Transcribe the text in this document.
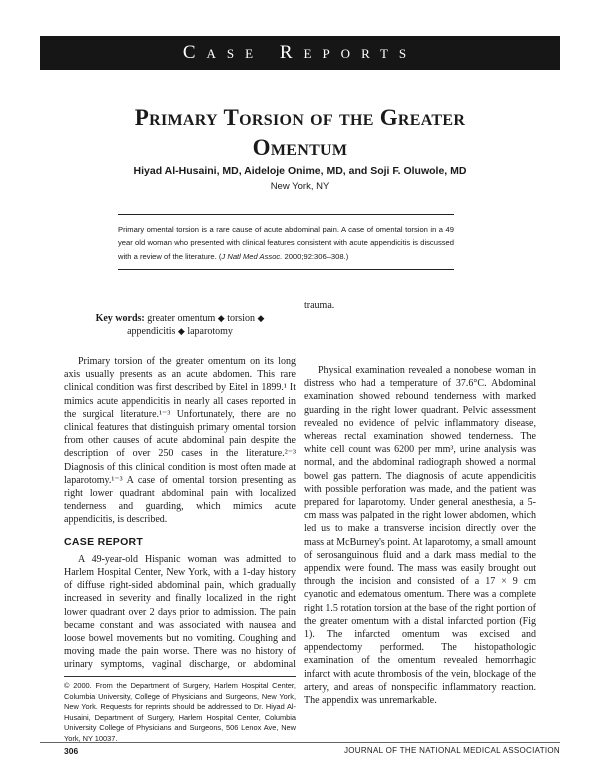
Case Reports
Primary Torsion of the Greater
Omentum
Hiyad Al-Husaini, MD, Aideloje Onime, MD, and Soji F. Oluwole, MD
New York, NY
Primary omental torsion is a rare cause of acute abdominal pain. A case of omental torsion in a 49 year old woman who presented with clinical features consistent with acute appendicitis is discussed with a review of the literature. (J Natl Med Assoc. 2000;92:306–308.)
Key words: greater omentum ◆ torsion ◆
appendicitis ◆ laparotomy

Primary torsion of the greater omentum on its long axis usually presents as an acute abdomen. This rare clinical condition was first described by Eitel in 1899.¹ It mimics acute appendicitis in nearly all cases reported in the surgical literature.¹⁻³ Unfortunately, there are no clinical features that distinguish primary omental torsion from other causes of acute abdominal pain despite the description of over 250 cases in the literature.²⁻³ Diagnosis of this clinical condition is most often made at laparotomy.¹⁻³ A case of omental torsion presenting as right lower quadrant abdominal pain with localized tenderness and guarding, which mimics acute appendicitis, is described.

CASE REPORT

A 49-year-old Hispanic woman was admitted to Harlem Hospital Center, New York, with a 1-day history of diffuse right-sided abdominal pain, which gradually increased in severity and finally localized in the right lower quadrant over 2 days prior to admission. The pain became constant and was associated with nausea and loose bowel movements but no vomiting. Coughing and moving made the pain worse. There was no history of urinary symptoms, vaginal discharge, or abdominal

trauma.

Physical examination revealed a nonobese woman in distress who had a temperature of 37.6°C. Abdominal examination showed rebound tenderness with marked guarding in the right lower quadrant. Pelvic assessment revealed no evidence of pelvic inflammatory disease, whereas rectal examination showed tenderness. The white cell count was 6200 per mm³, urine analysis was normal, and the abdominal radiograph showed a normal bowel gas pattern. The diagnosis of acute appendicitis with possible perforation was made, and the patient was prepared for laparotomy. Under general anesthesia, a 5-cm mass was palpated in the right lower abdomen, which led us to make a transverse incision directly over the mass at McBurney's point. At laparotomy, a small amount of serosanguinous fluid and a dark mass medial to the appendix were found. The mass was easily brought out through the incision and consisted of a 17 × 9 cm cyanotic and edematous omentum. There was a complete right 1.5 rotation torsion at the base of the right portion of the greater omentum with a distal infarcted portion (Fig 1). The infarcted omentum was excised and appendectomy performed. The histopathologic examination of the omentum revealed hemorrhagic infarct with acute thrombosis of the vein, blockage of the artery, and areas of nonspecific inflammatory reaction. The appendix was unremarkable.

© 2000. From the Department of Surgery, Harlem Hospital Center, Columbia University, College of Physicians and Surgeons, New York, New York. Requests for reprints should be addressed to Dr. Hiyad Al-Husaini, Department of Surgery, Harlem Hospital Center, Columbia University College of Physicians and Surgeons, 506 Lenox Ave, New York, NY 10037.
306	JOURNAL OF THE NATIONAL MEDICAL ASSOCIATION
